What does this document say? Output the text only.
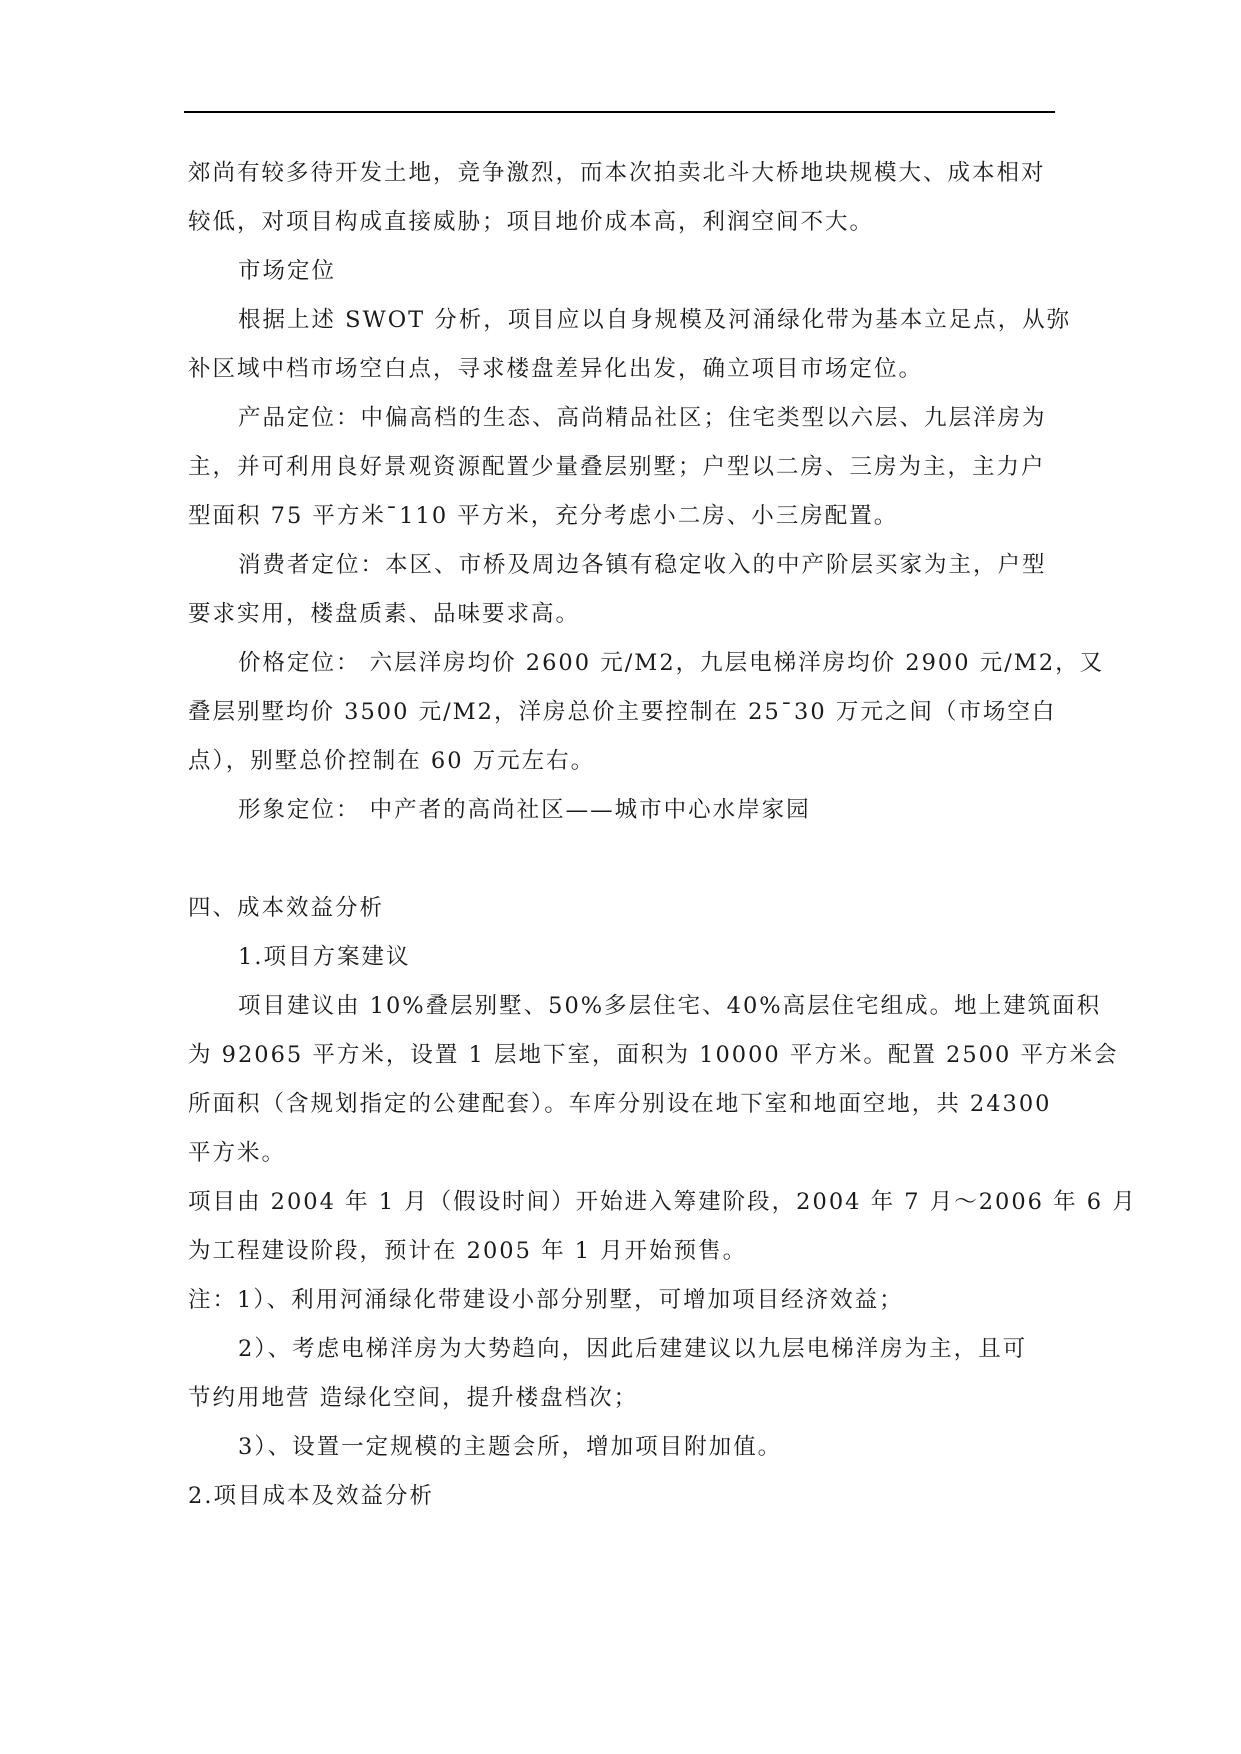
郊尚有较多待开发土地，竞争激烈，而本次拍卖北斗大桥地块规模大、成本相对
较低，对项目构成直接威胁；项目地价成本高，利润空间不大。
市场定位
根据上述 SWOT 分析，项目应以自身规模及河涌绿化带为基本立足点，从弥
补区域中档市场空白点，寻求楼盘差异化出发，确立项目市场定位。
产品定位：中偏高档的生态、高尚精品社区；住宅类型以六层、九层洋房为
主，并可利用良好景观资源配置少量叠层别墅；户型以二房、三房为主，主力户
型面积 75 平方米¯110 平方米，充分考虑小二房、小三房配置。
消费者定位：本区、市桥及周边各镇有稳定收入的中产阶层买家为主，户型
要求实用，楼盘质素、品味要求高。
价格定位： 六层洋房均价 2600 元/M2，九层电梯洋房均价 2900 元/M2，又
叠层别墅均价 3500 元/M2，洋房总价主要控制在 25¯30 万元之间（市场空白
点），别墅总价控制在 60 万元左右。
形象定位： 中产者的高尚社区——城市中心水岸家园
四、成本效益分析
1.项目方案建议
项目建议由 10%叠层别墅、50%多层住宅、40%高层住宅组成。地上建筑面积
为 92065 平方米，设置 1 层地下室，面积为 10000 平方米。配置 2500 平方米会
所面积（含规划指定的公建配套）。车库分别设在地下室和地面空地，共 24300
平方米。
项目由 2004 年 1 月（假设时间）开始进入筹建阶段，2004 年 7 月～2006 年 6 月
为工程建设阶段，预计在 2005 年 1 月开始预售。
注：1）、利用河涌绿化带建设小部分别墅，可增加项目经济效益；
2）、考虑电梯洋房为大势趋向，因此后建建议以九层电梯洋房为主，且可
节约用地营 造绿化空间，提升楼盘档次；
3）、设置一定规模的主题会所，增加项目附加值。
2.项目成本及效益分析
